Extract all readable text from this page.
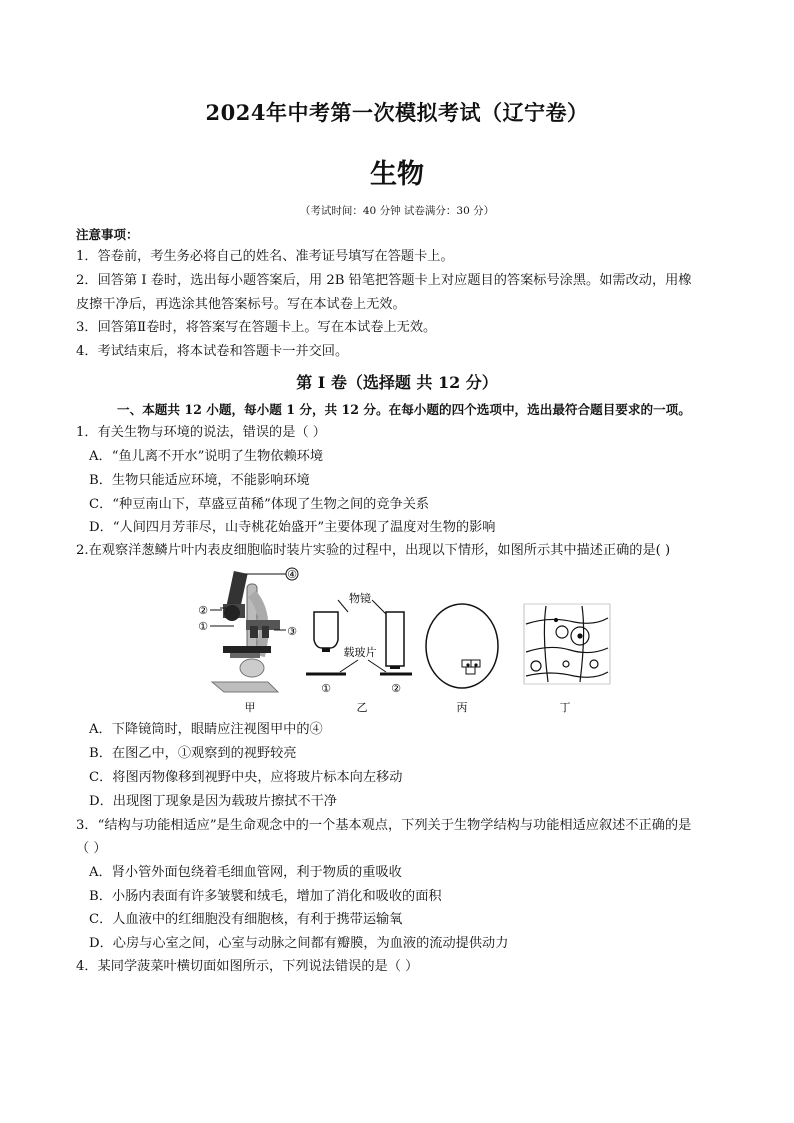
2024年中考第一次模拟考试（辽宁卷）
生物
（考试时间：40 分钟 试卷满分：30 分）
注意事项：
1．答卷前，考生务必将自己的姓名、准考证号填写在答题卡上。
2．回答第 I 卷时，选出每小题答案后，用 2B 铅笔把答题卡上对应题目的答案标号涂黑。如需改动，用橡
皮擦干净后，再选涂其他答案标号。写在本试卷上无效。
3．回答第Ⅱ卷时，将答案写在答题卡上。写在本试卷上无效。
4．考试结束后，将本试卷和答题卡一并交回。
第 I 卷（选择题 共 12 分）
一、本题共 12 小题，每小题 1 分，共 12 分。在每小题的四个选项中，选出最符合题目要求的一项。
1．有关生物与环境的说法，错误的是（ ）
A．“鱼儿离不开水”说明了生物依赖环境
B．生物只能适应环境，不能影响环境
C．“种豆南山下，草盛豆苗稀”体现了生物之间的竞争关系
D．“人间四月芳菲尽，山寺桃花始盛开”主要体现了温度对生物的影响
2.在观察洋葱鳞片叶内表皮细胞临时装片实验的过程中，出现以下情形，如图所示其中描述正确的是( )
④
②
①	③
甲
物镜
载玻片
①	②
乙	丙	丁
A．下降镜筒时，眼睛应注视图甲中的④
B．在图乙中，①观察到的视野较亮
C．将图丙物像移到视野中央，应将玻片标本向左移动
D．出现图丁现象是因为载玻片擦拭不干净
3．“结构与功能相适应”是生命观念中的一个基本观点，下列关于生物学结构与功能相适应叙述不正确的是
（ ）
A．肾小管外面包绕着毛细血管网，利于物质的重吸收
B．小肠内表面有许多皱襞和绒毛，增加了消化和吸收的面积
C．人血液中的红细胞没有细胞核，有利于携带运输氧
D．心房与心室之间，心室与动脉之间都有瓣膜，为血液的流动提供动力
4．某同学菠菜叶横切面如图所示，下列说法错误的是（ ）
